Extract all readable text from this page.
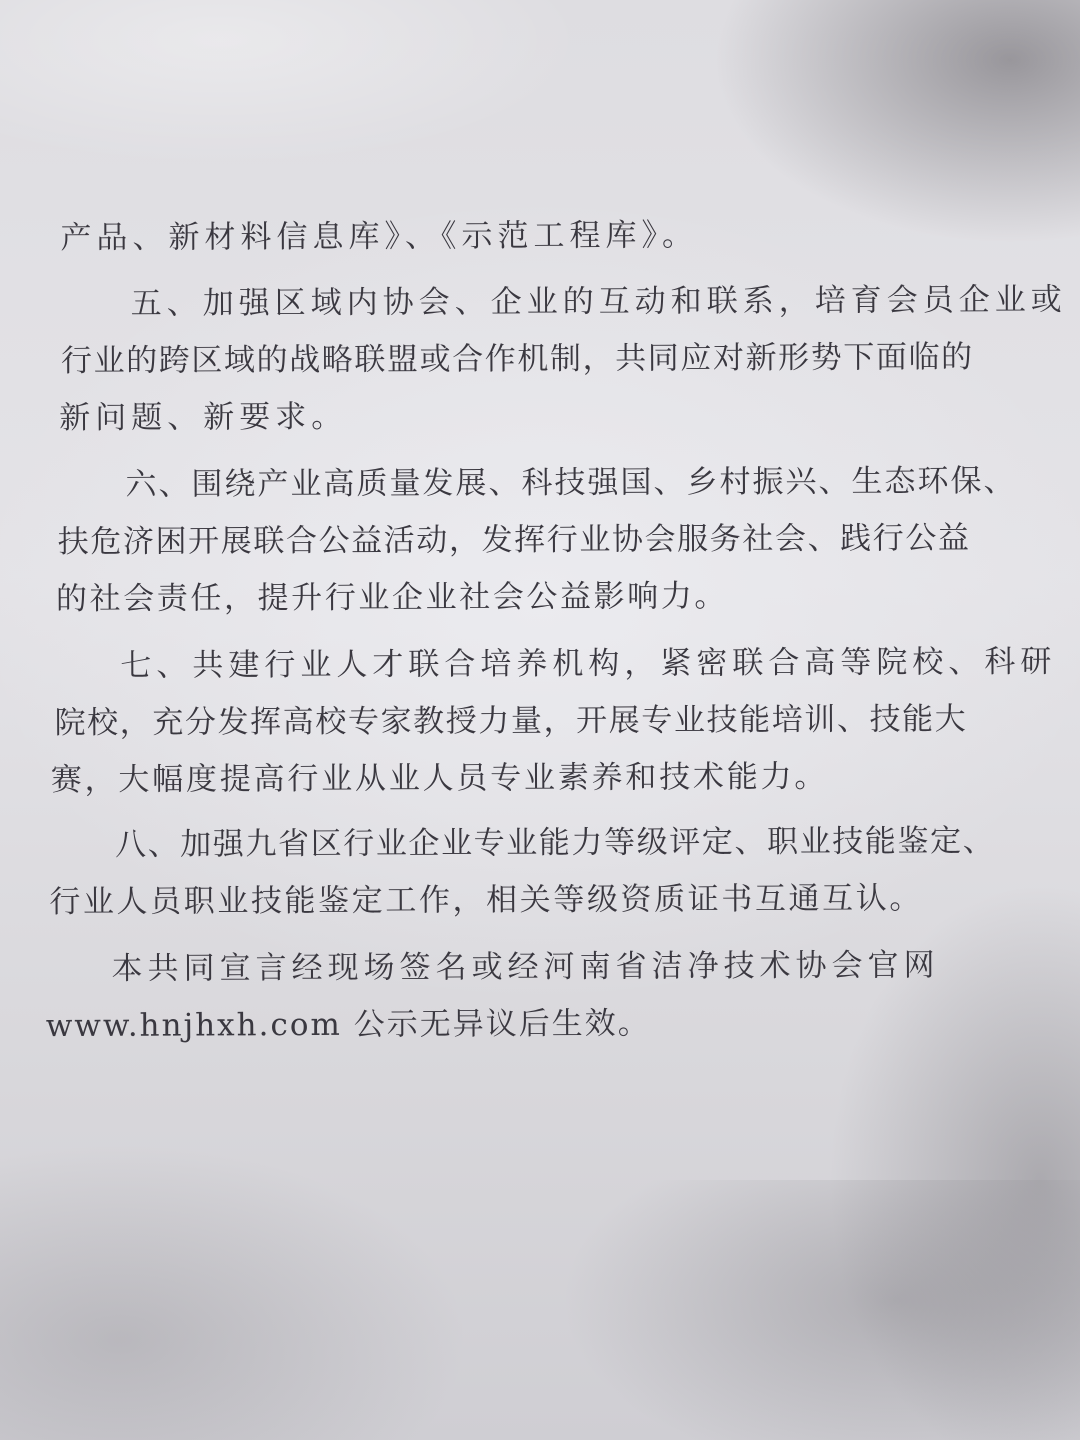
产品、新材料信息库》、《示范工程库》。

五、加强区域内协会、企业的互动和联系，培育会员企业或

行业的跨区域的战略联盟或合作机制，共同应对新形势下面临的

新问题、新要求。

六、围绕产业高质量发展、科技强国、乡村振兴、生态环保、

扶危济困开展联合公益活动，发挥行业协会服务社会、践行公益

的社会责任，提升行业企业社会公益影响力。

七、共建行业人才联合培养机构，紧密联合高等院校、科研

院校，充分发挥高校专家教授力量，开展专业技能培训、技能大

赛，大幅度提高行业从业人员专业素养和技术能力。

八、加强九省区行业企业专业能力等级评定、职业技能鉴定、

行业人员职业技能鉴定工作，相关等级资质证书互通互认。

本共同宣言经现场签名或经河南省洁净技术协会官网

www.hnjhxh.com 公示无异议后生效。
